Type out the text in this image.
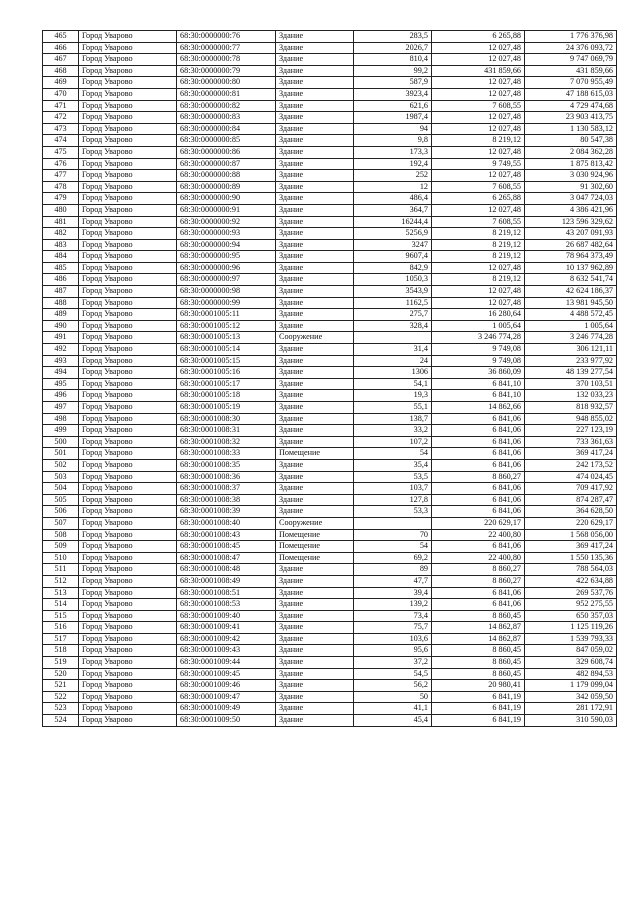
465	Город Уварово	68:30:0000000:76	Здание	283,5	6 265,88	1 776 376,98
466	Город Уварово	68:30:0000000:77	Здание	2026,7	12 027,48	24 376 093,72
467	Город Уварово	68:30:0000000:78	Здание	810,4	12 027,48	9 747 069,79
468	Город Уварово	68:30:0000000:79	Здание	99,2	431 859,66	431 859,66
469	Город Уварово	68:30:0000000:80	Здание	587,9	12 027,48	7 070 955,49
470	Город Уварово	68:30:0000000:81	Здание	3923,4	12 027,48	47 188 615,03
471	Город Уварово	68:30:0000000:82	Здание	621,6	7 608,55	4 729 474,68
472	Город Уварово	68:30:0000000:83	Здание	1987,4	12 027,48	23 903 413,75
473	Город Уварово	68:30:0000000:84	Здание	94	12 027,48	1 130 583,12
474	Город Уварово	68:30:0000000:85	Здание	9,8	8 219,12	80 547,38
475	Город Уварово	68:30:0000000:86	Здание	173,3	12 027,48	2 084 362,28
476	Город Уварово	68:30:0000000:87	Здание	192,4	9 749,55	1 875 813,42
477	Город Уварово	68:30:0000000:88	Здание	252	12 027,48	3 030 924,96
478	Город Уварово	68:30:0000000:89	Здание	12	7 608,55	91 302,60
479	Город Уварово	68:30:0000000:90	Здание	486,4	6 265,88	3 047 724,03
480	Город Уварово	68:30:0000000:91	Здание	364,7	12 027,48	4 386 421,96
481	Город Уварово	68:30:0000000:92	Здание	16244,4	7 608,55	123 596 329,62
482	Город Уварово	68:30:0000000:93	Здание	5256,9	8 219,12	43 207 091,93
483	Город Уварово	68:30:0000000:94	Здание	3247	8 219,12	26 687 482,64
484	Город Уварово	68:30:0000000:95	Здание	9607,4	8 219,12	78 964 373,49
485	Город Уварово	68:30:0000000:96	Здание	842,9	12 027,48	10 137 962,89
486	Город Уварово	68:30:0000000:97	Здание	1050,3	8 219,12	8 632 541,74
487	Город Уварово	68:30:0000000:98	Здание	3543,9	12 027,48	42 624 186,37
488	Город Уварово	68:30:0000000:99	Здание	1162,5	12 027,48	13 981 945,50
489	Город Уварово	68:30:0001005:11	Здание	275,7	16 280,64	4 488 572,45
490	Город Уварово	68:30:0001005:12	Здание	328,4	1 005,64	1 005,64
491	Город Уварово	68:30:0001005:13	Сооружение		3 246 774,28	3 246 774,28
492	Город Уварово	68:30:0001005:14	Здание	31,4	9 749,08	306 121,11
493	Город Уварово	68:30:0001005:15	Здание	24	9 749,08	233 977,92
494	Город Уварово	68:30:0001005:16	Здание	1306	36 860,09	48 139 277,54
495	Город Уварово	68:30:0001005:17	Здание	54,1	6 841,10	370 103,51
496	Город Уварово	68:30:0001005:18	Здание	19,3	6 841,10	132 033,23
497	Город Уварово	68:30:0001005:19	Здание	55,1	14 862,66	818 932,57
498	Город Уварово	68:30:0001008:30	Здание	138,7	6 841,06	948 855,02
499	Город Уварово	68:30:0001008:31	Здание	33,2	6 841,06	227 123,19
500	Город Уварово	68:30:0001008:32	Здание	107,2	6 841,06	733 361,63
501	Город Уварово	68:30:0001008:33	Помещение	54	6 841,06	369 417,24
502	Город Уварово	68:30:0001008:35	Здание	35,4	6 841,06	242 173,52
503	Город Уварово	68:30:0001008:36	Здание	53,5	8 860,27	474 024,45
504	Город Уварово	68:30:0001008:37	Здание	103,7	6 841,06	709 417,92
505	Город Уварово	68:30:0001008:38	Здание	127,8	6 841,06	874 287,47
506	Город Уварово	68:30:0001008:39	Здание	53,3	6 841,06	364 628,50
507	Город Уварово	68:30:0001008:40	Сооружение		220 629,17	220 629,17
508	Город Уварово	68:30:0001008:43	Помещение	70	22 400,80	1 568 056,00
509	Город Уварово	68:30:0001008:45	Помещение	54	6 841,06	369 417,24
510	Город Уварово	68:30:0001008:47	Помещение	69,2	22 400,80	1 550 135,36
511	Город Уварово	68:30:0001008:48	Здание	89	8 860,27	788 564,03
512	Город Уварово	68:30:0001008:49	Здание	47,7	8 860,27	422 634,88
513	Город Уварово	68:30:0001008:51	Здание	39,4	6 841,06	269 537,76
514	Город Уварово	68:30:0001008:53	Здание	139,2	6 841,06	952 275,55
515	Город Уварово	68:30:0001009:40	Здание	73,4	8 860,45	650 357,03
516	Город Уварово	68:30:0001009:41	Здание	75,7	14 862,87	1 125 119,26
517	Город Уварово	68:30:0001009:42	Здание	103,6	14 862,87	1 539 793,33
518	Город Уварово	68:30:0001009:43	Здание	95,6	8 860,45	847 059,02
519	Город Уварово	68:30:0001009:44	Здание	37,2	8 860,45	329 608,74
520	Город Уварово	68:30:0001009:45	Здание	54,5	8 860,45	482 894,53
521	Город Уварово	68:30:0001009:46	Здание	56,2	20 980,41	1 179 099,04
522	Город Уварово	68:30:0001009:47	Здание	50	6 841,19	342 059,50
523	Город Уварово	68:30:0001009:49	Здание	41,1	6 841,19	281 172,91
524	Город Уварово	68:30:0001009:50	Здание	45,4	6 841,19	310 590,03
